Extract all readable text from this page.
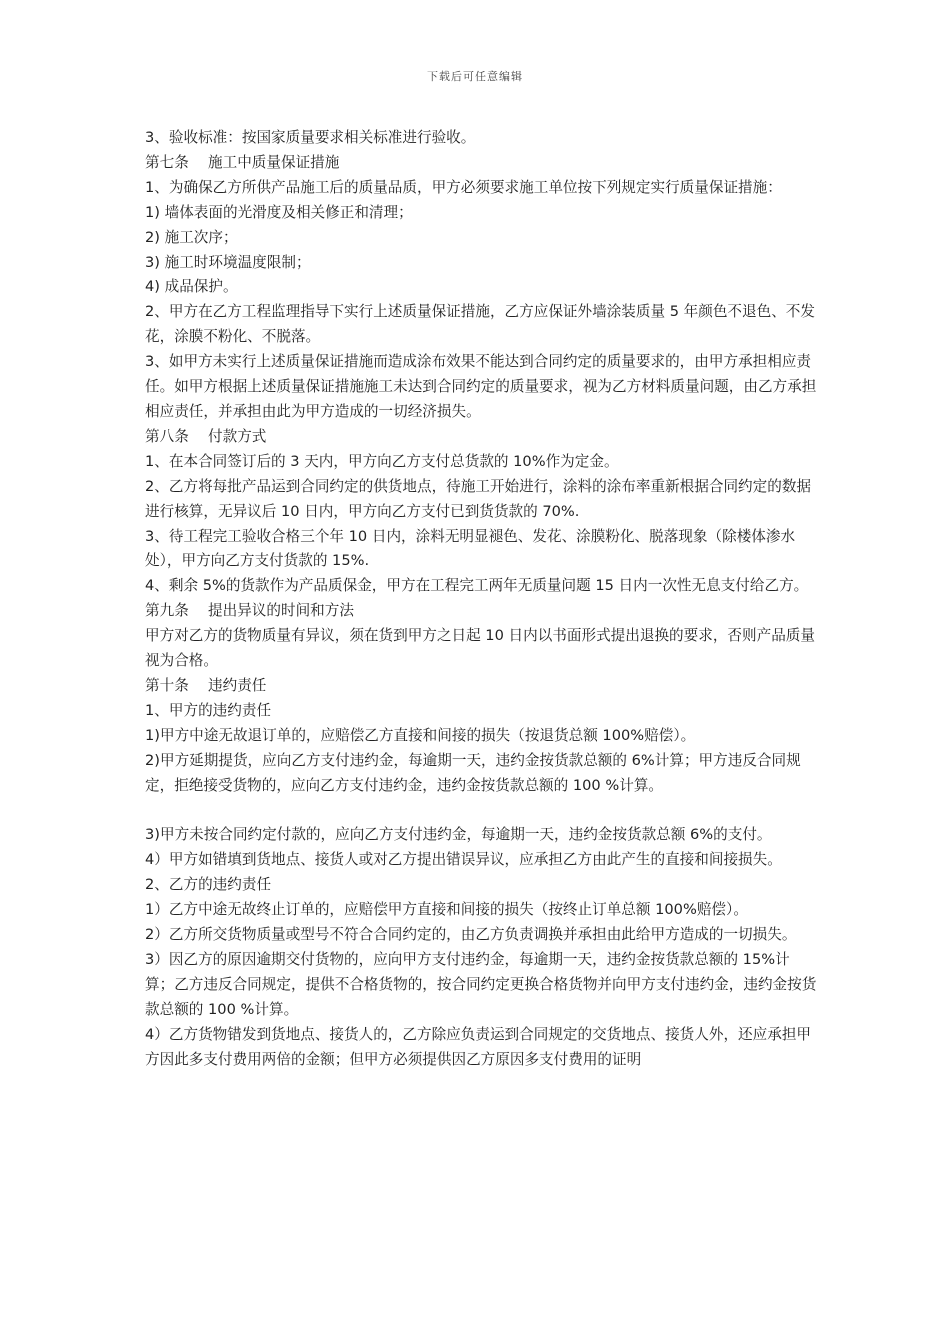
下载后可任意编辑

3、验收标准：按国家质量要求相关标准进行验收。

第七条　 施工中质量保证措施

1、为确保乙方所供产品施工后的质量品质，甲方必须要求施工单位按下列规定实行质量保证措施：

1) 墙体表面的光滑度及相关修正和清理；

2) 施工次序；

3) 施工时环境温度限制；

4) 成品保护。

2、甲方在乙方工程监理指导下实行上述质量保证措施，乙方应保证外墙涂装质量 5 年颜色不退色、不发花，涂膜不粉化、不脱落。

3、如甲方未实行上述质量保证措施而造成涂布效果不能达到合同约定的质量要求的，由甲方承担相应责任。如甲方根据上述质量保证措施施工未达到合同约定的质量要求，视为乙方材料质量问题，由乙方承担相应责任，并承担由此为甲方造成的一切经济损失。

第八条　 付款方式

1、在本合同签订后的 3 天内，甲方向乙方支付总货款的 10%作为定金。

2、乙方将每批产品运到合同约定的供货地点，待施工开始进行，涂料的涂布率重新根据合同约定的数据进行核算，无异议后 10 日内，甲方向乙方支付已到货货款的 70%.

3、待工程完工验收合格三个年 10 日内，涂料无明显褪色、发花、涂膜粉化、脱落现象（除楼体渗水处），甲方向乙方支付货款的 15%.

4、剩余 5%的货款作为产品质保金，甲方在工程完工两年无质量问题 15 日内一次性无息支付给乙方。

第九条　 提出异议的时间和方法

甲方对乙方的货物质量有异议，须在货到甲方之日起 10 日内以书面形式提出退换的要求，否则产品质量视为合格。

第十条　 违约责任

1、甲方的违约责任

1)甲方中途无故退订单的，应赔偿乙方直接和间接的损失（按退货总额 100%赔偿）。

2)甲方延期提货，应向乙方支付违约金，每逾期一天，违约金按货款总额的 6%计算；甲方违反合同规定，拒绝接受货物的，应向乙方支付违约金，违约金按货款总额的 100 %计算。

3)甲方未按合同约定付款的，应向乙方支付违约金，每逾期一天，违约金按货款总额 6%的支付。

4）甲方如错填到货地点、接货人或对乙方提出错误异议，应承担乙方由此产生的直接和间接损失。

2、乙方的违约责任

1）乙方中途无故终止订单的，应赔偿甲方直接和间接的损失（按终止订单总额 100%赔偿）。

2）乙方所交货物质量或型号不符合合同约定的，由乙方负责调换并承担由此给甲方造成的一切损失。

3）因乙方的原因逾期交付货物的，应向甲方支付违约金，每逾期一天，违约金按货款总额的 15%计算；乙方违反合同规定，提供不合格货物的，按合同约定更换合格货物并向甲方支付违约金，违约金按货款总额的 100 %计算。

4）乙方货物错发到货地点、接货人的，乙方除应负责运到合同规定的交货地点、接货人外，还应承担甲方因此多支付费用两倍的金额；但甲方必须提供因乙方原因多支付费用的证明
